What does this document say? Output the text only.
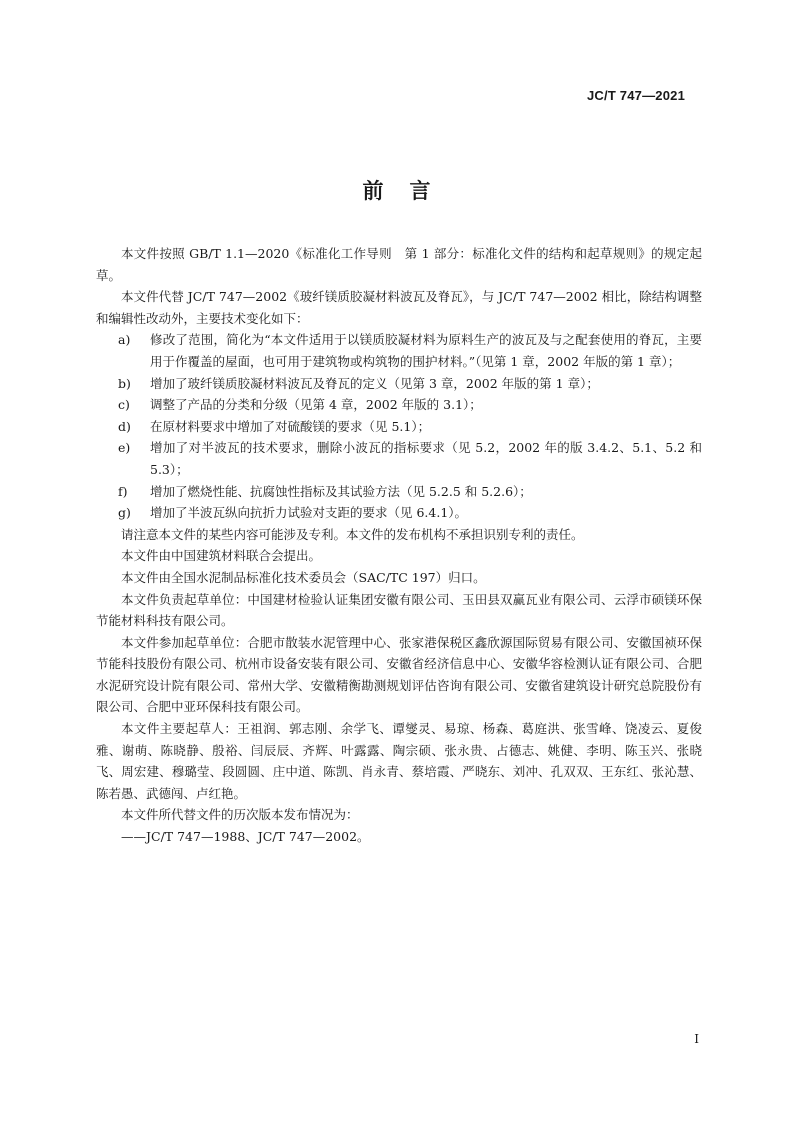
JC/T 747—2021
前言

本文件按照 GB/T 1.1—2020《标准化工作导则　第 1 部分：标准化文件的结构和起草规则》的规定起草。

本文件代替 JC/T 747—2002《玻纤镁质胶凝材料波瓦及脊瓦》，与 JC/T 747—2002 相比，除结构调整和编辑性改动外，主要技术变化如下：

a)	修改了范围，简化为“本文件适用于以镁质胶凝材料为原料生产的波瓦及与之配套使用的脊瓦，主要用于作覆盖的屋面，也可用于建筑物或构筑物的围护材料。”（见第 1 章，2002 年版的第 1 章）；
b)	增加了玻纤镁质胶凝材料波瓦及脊瓦的定义（见第 3 章，2002 年版的第 1 章）；
c)	调整了产品的分类和分级（见第 4 章，2002 年版的 3.1）；
d)	在原材料要求中增加了对硫酸镁的要求（见 5.1）；
e)	增加了对半波瓦的技术要求，删除小波瓦的指标要求（见 5.2，2002 年的版 3.4.2、5.1、5.2 和 5.3）；
f)	增加了燃烧性能、抗腐蚀性指标及其试验方法（见 5.2.5 和 5.2.6）；
g)	增加了半波瓦纵向抗折力试验对支距的要求（见 6.4.1）。

请注意本文件的某些内容可能涉及专利。本文件的发布机构不承担识别专利的责任。

本文件由中国建筑材料联合会提出。

本文件由全国水泥制品标准化技术委员会（SAC/TC 197）归口。

本文件负责起草单位：中国建材检验认证集团安徽有限公司、玉田县双赢瓦业有限公司、云浮市硕镁环保节能材料科技有限公司。

本文件参加起草单位：合肥市散装水泥管理中心、张家港保税区鑫欣源国际贸易有限公司、安徽国祯环保节能科技股份有限公司、杭州市设备安装有限公司、安徽省经济信息中心、安徽华容检测认证有限公司、合肥水泥研究设计院有限公司、常州大学、安徽精衡勘测规划评估咨询有限公司、安徽省建筑设计研究总院股份有限公司、合肥中亚环保科技有限公司。

本文件主要起草人：王祖润、郭志刚、余学飞、谭燮灵、易琼、杨森、葛庭洪、张雪峰、饶凌云、夏俊雅、谢萌、陈晓静、殷裕、闫辰辰、齐辉、叶露露、陶宗硕、张永贵、占德志、姚健、李明、陈玉兴、张晓飞、周宏建、穆璐莹、段圆圆、庄中道、陈凯、肖永青、蔡培霞、严晓东、刘冲、孔双双、王东红、张沁慧、陈若愚、武德闯、卢红艳。

本文件所代替文件的历次版本发布情况为：

——JC/T 747—1988、JC/T 747—2002。

I
